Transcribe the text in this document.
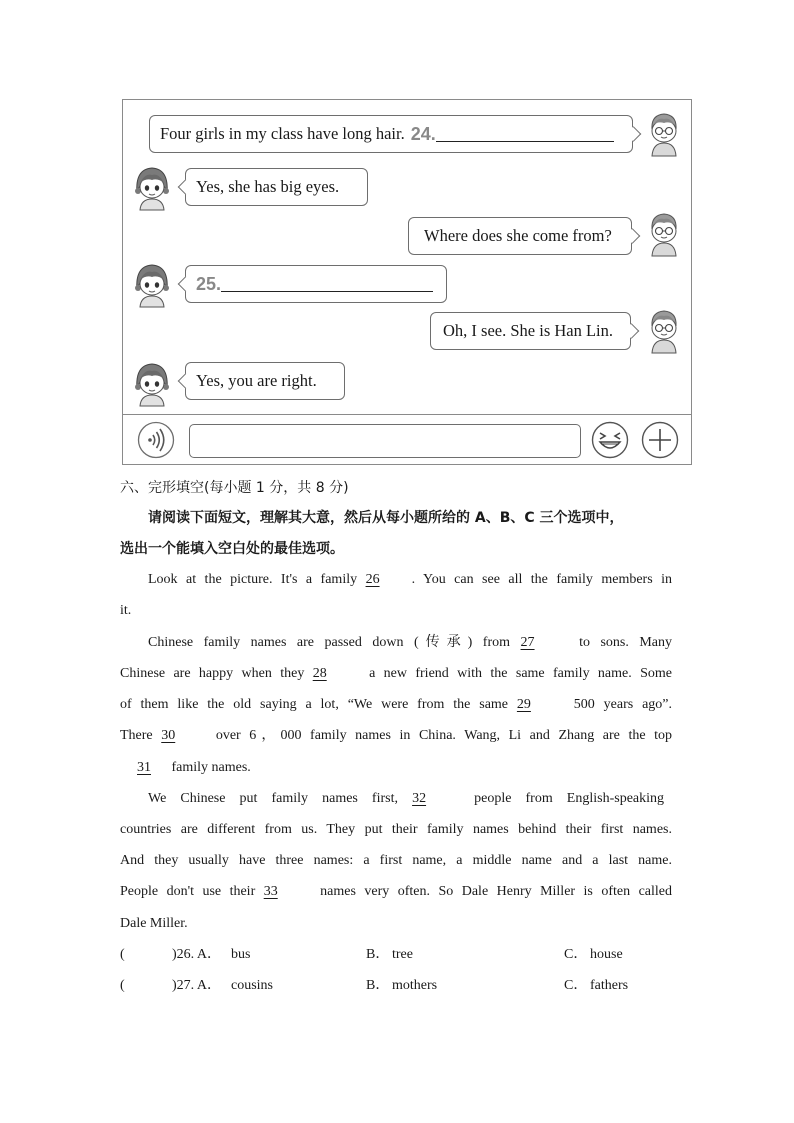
Four girls in my class have long hair. 24.
Yes, she has big eyes.
Where does she come from?
25.
Oh, I see. She is Han Lin.
Yes, you are right.
六、完形填空(每小题 1 分，共 8 分)
请阅读下面短文，理解其大意，然后从每小题所给的 A、B、C 三个选项中，
选出一个能填入空白处的最佳选项。
Look at the picture. It's a family 26 . You can see all the family members in
it.
Chinese family names are passed down (传承) from 27	to sons. Many
Chinese are happy when they 28	a new friend with the same family name. Some
of them like the old saying a lot, “We were from the same 29	500 years ago”.
There 30	over 6，000 family names in China. Wang, Li and Zhang are the top
31 family names.
We Chinese put family names first, 32	people from English-speaking
countries are different from us. They put their family names behind their first names.
And they usually have three names: a first name, a middle name and a last name.
People don't use their 33	names very often. So Dale Henry Miller is often called
Dale Miller.
(	)26. A． bus	B． tree	C． house
(	)27. A． cousins	B． mothers	C． fathers
